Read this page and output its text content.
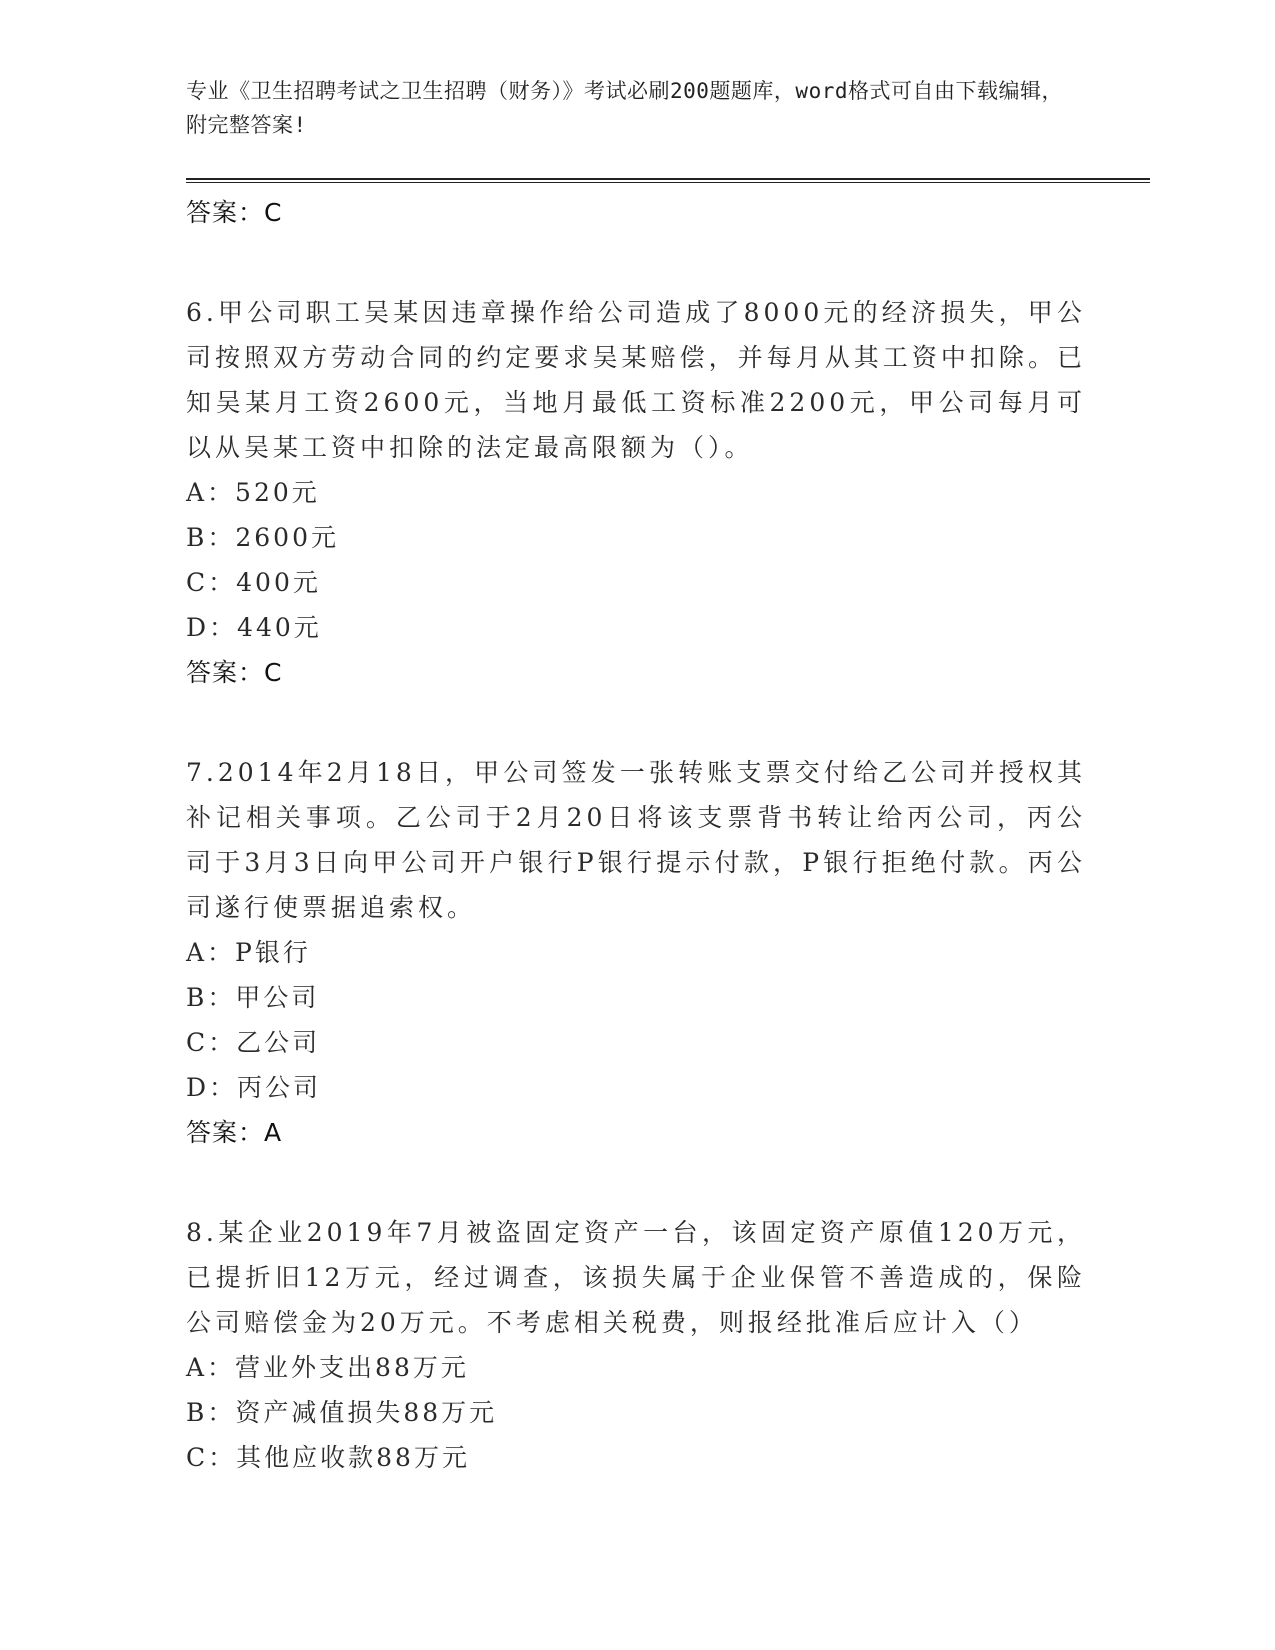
专业《卫生招聘考试之卫生招聘（财务）》考试必刷200题题库，word格式可自由下载编辑，附完整答案!
答案：C
6.甲公司职工吴某因违章操作给公司造成了8000元的经济损失，甲公司按照双方劳动合同的约定要求吴某赔偿，并每月从其工资中扣除。已知吴某月工资2600元，当地月最低工资标准2200元，甲公司每月可以从吴某工资中扣除的法定最高限额为（）。
A：520元
B：2600元
C：400元
D：440元
答案：C
7.2014年2月18日，甲公司签发一张转账支票交付给乙公司并授权其补记相关事项。乙公司于2月20日将该支票背书转让给丙公司，丙公司于3月3日向甲公司开户银行P银行提示付款，P银行拒绝付款。丙公司遂行使票据追索权。
A：P银行
B：甲公司
C：乙公司
D：丙公司
答案：A
8.某企业2019年7月被盗固定资产一台，该固定资产原值120万元，已提折旧12万元，经过调查，该损失属于企业保管不善造成的，保险公司赔偿金为20万元。不考虑相关税费，则报经批准后应计入（）
A：营业外支出88万元
B：资产减值损失88万元
C：其他应收款88万元
